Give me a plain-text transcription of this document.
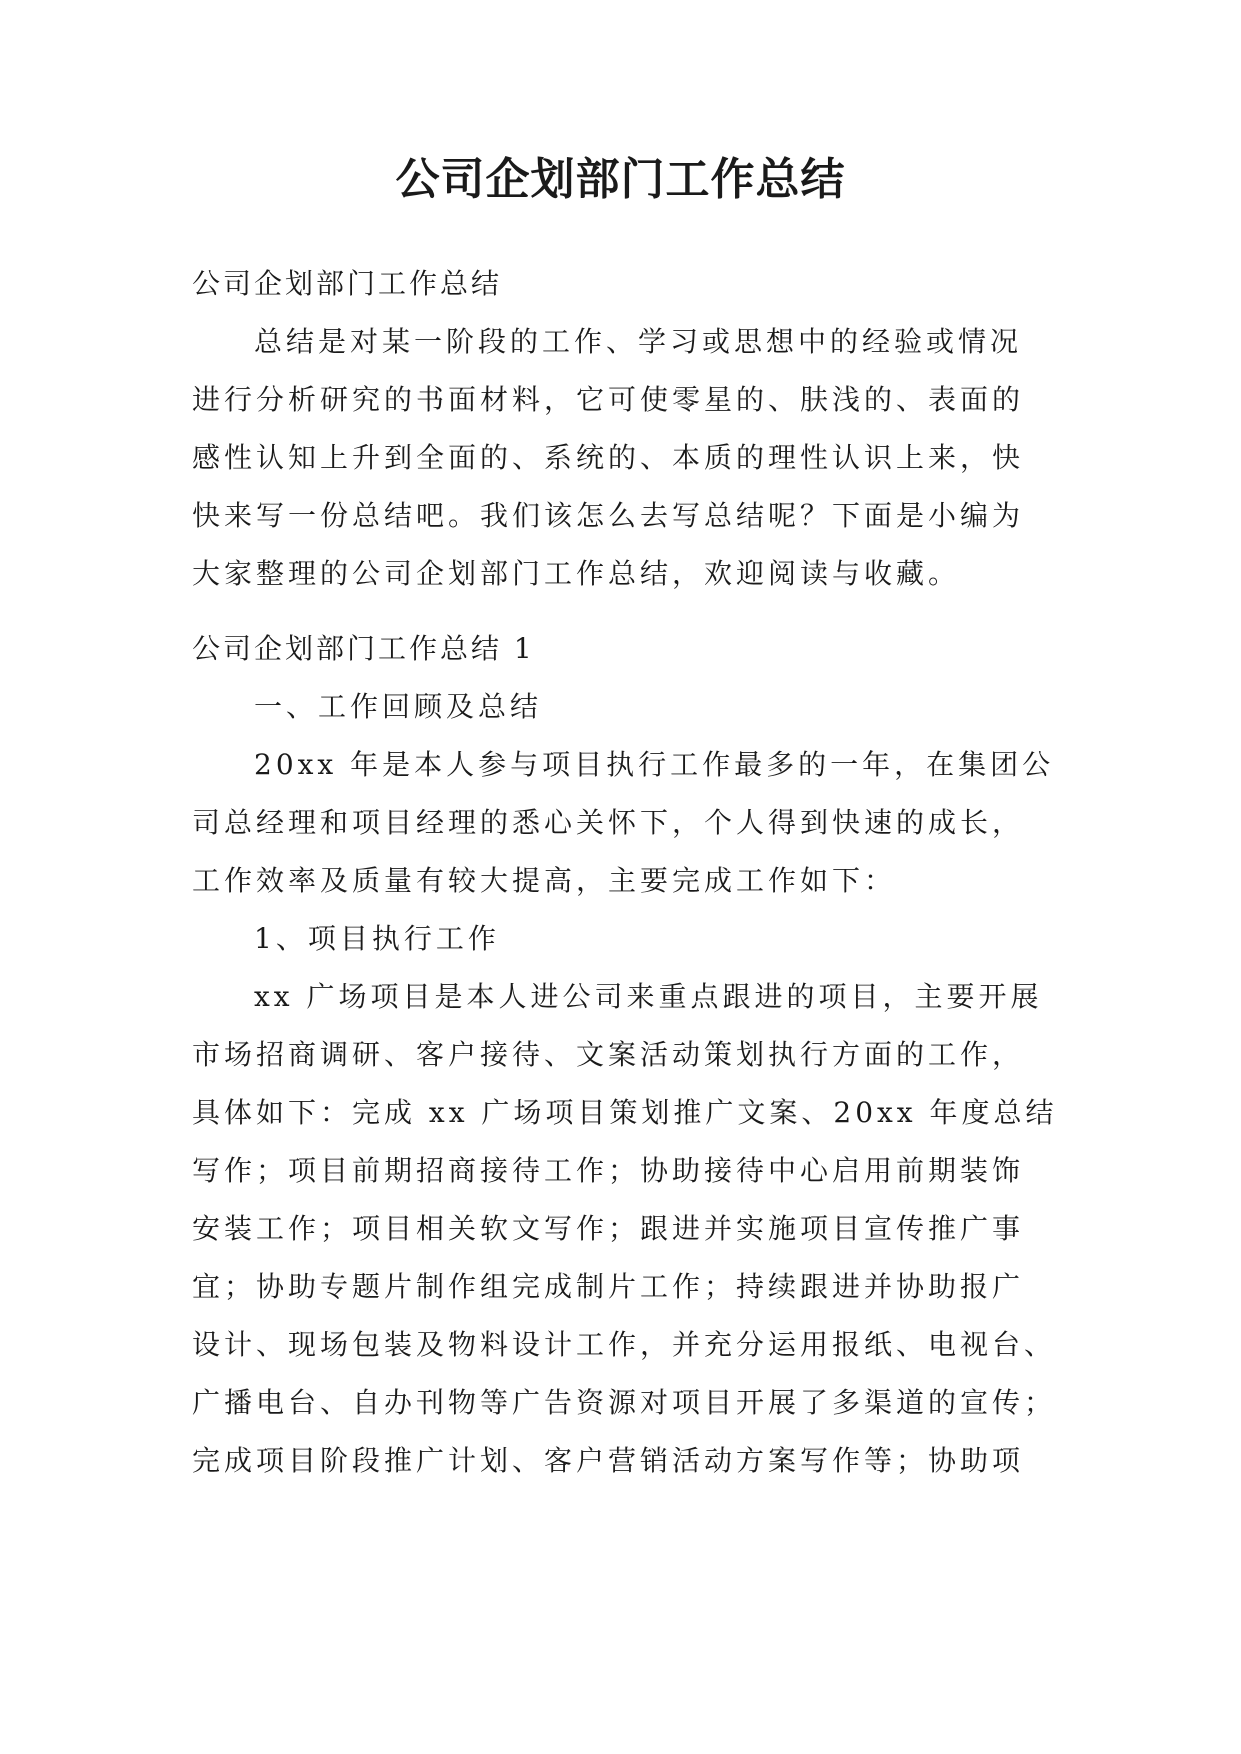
公司企划部门工作总结
公司企划部门工作总结
总结是对某一阶段的工作、学习或思想中的经验或情况
进行分析研究的书面材料，它可使零星的、肤浅的、表面的
感性认知上升到全面的、系统的、本质的理性认识上来，快
快来写一份总结吧。我们该怎么去写总结呢？下面是小编为
大家整理的公司企划部门工作总结，欢迎阅读与收藏。
公司企划部门工作总结 1
一、工作回顾及总结
20xx 年是本人参与项目执行工作最多的一年，在集团公
司总经理和项目经理的悉心关怀下，个人得到快速的成长，
工作效率及质量有较大提高，主要完成工作如下：
1、项目执行工作
xx 广场项目是本人进公司来重点跟进的项目，主要开展
市场招商调研、客户接待、文案活动策划执行方面的工作，
具体如下：完成 xx 广场项目策划推广文案、20xx 年度总结
写作；项目前期招商接待工作；协助接待中心启用前期装饰
安装工作；项目相关软文写作；跟进并实施项目宣传推广事
宜；协助专题片制作组完成制片工作；持续跟进并协助报广
设计、现场包装及物料设计工作，并充分运用报纸、电视台、
广播电台、自办刊物等广告资源对项目开展了多渠道的宣传；
完成项目阶段推广计划、客户营销活动方案写作等；协助项
